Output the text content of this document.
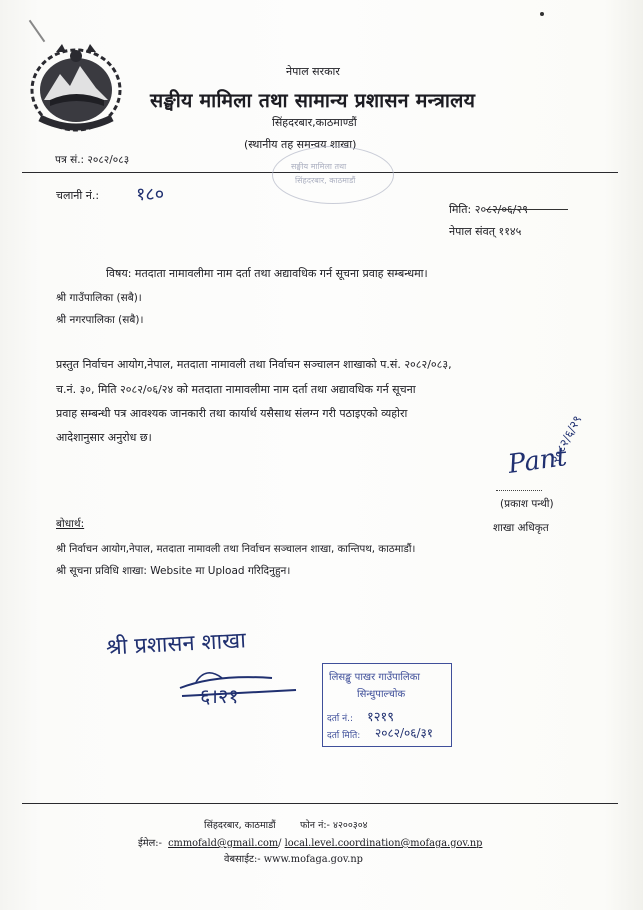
नेपाल सरकार
सङ्घीय मामिला तथा सामान्य प्रशासन मन्त्रालय
सिंहदरबार,काठमाण्डौं
(स्थानीय तह समन्वय शाखा)
पत्र सं.: २०८२/०८३
सङ्घीय मामिला तथा
सिंहदरबार, काठमाडौं
चलानी नं.: १८०
मिति: २०८२/०६/२९
नेपाल संवत् ११४५
विषय: मतदाता नामावलीमा नाम दर्ता तथा अद्यावधिक गर्न सूचना प्रवाह सम्बन्धमा।
श्री गाउँपालिका (सबै)।
श्री नगरपालिका (सबै)।
प्रस्तुत निर्वाचन आयोग,नेपाल, मतदाता नामावली तथा निर्वाचन सञ्चालन शाखाको प.सं. २०८२/०८३,
च.नं. ३०, मिति २०८२/०६/२४ को मतदाता नामावलीमा नाम दर्ता तथा अद्यावधिक गर्न सूचना
प्रवाह सम्बन्धी पत्र आवश्यक जानकारी तथा कार्यार्थ यसैसाथ संलग्न गरी पठाइएको व्यहोरा
आदेशानुसार अनुरोध छ।
Pant
२०८२/६/२९
(प्रकाश पन्थी)
शाखा अधिकृत
बोधार्थ:
श्री निर्वाचन आयोग,नेपाल, मतदाता नामावली तथा निर्वाचन सञ्चालन शाखा, कान्तिपथ, काठमाडौं।
श्री सूचना प्रविधि शाखा: Website मा Upload गरिदिनुहुन।
श्री प्रशासन शाखा
६।२१
लिसङ्खु पाखर गाउँपालिका
सिन्धुपाल्चोक
दर्ता नं.: १२१९
दर्ता मिति: २०८२/०६/३१
सिंहदरबार, काठमाडौं	फोन नं:- ४२००३०४
ईमेल:- cmmofald@gmail.com/ local.level.coordination@mofaga.gov.np
वेबसाईट:- www.mofaga.gov.np
